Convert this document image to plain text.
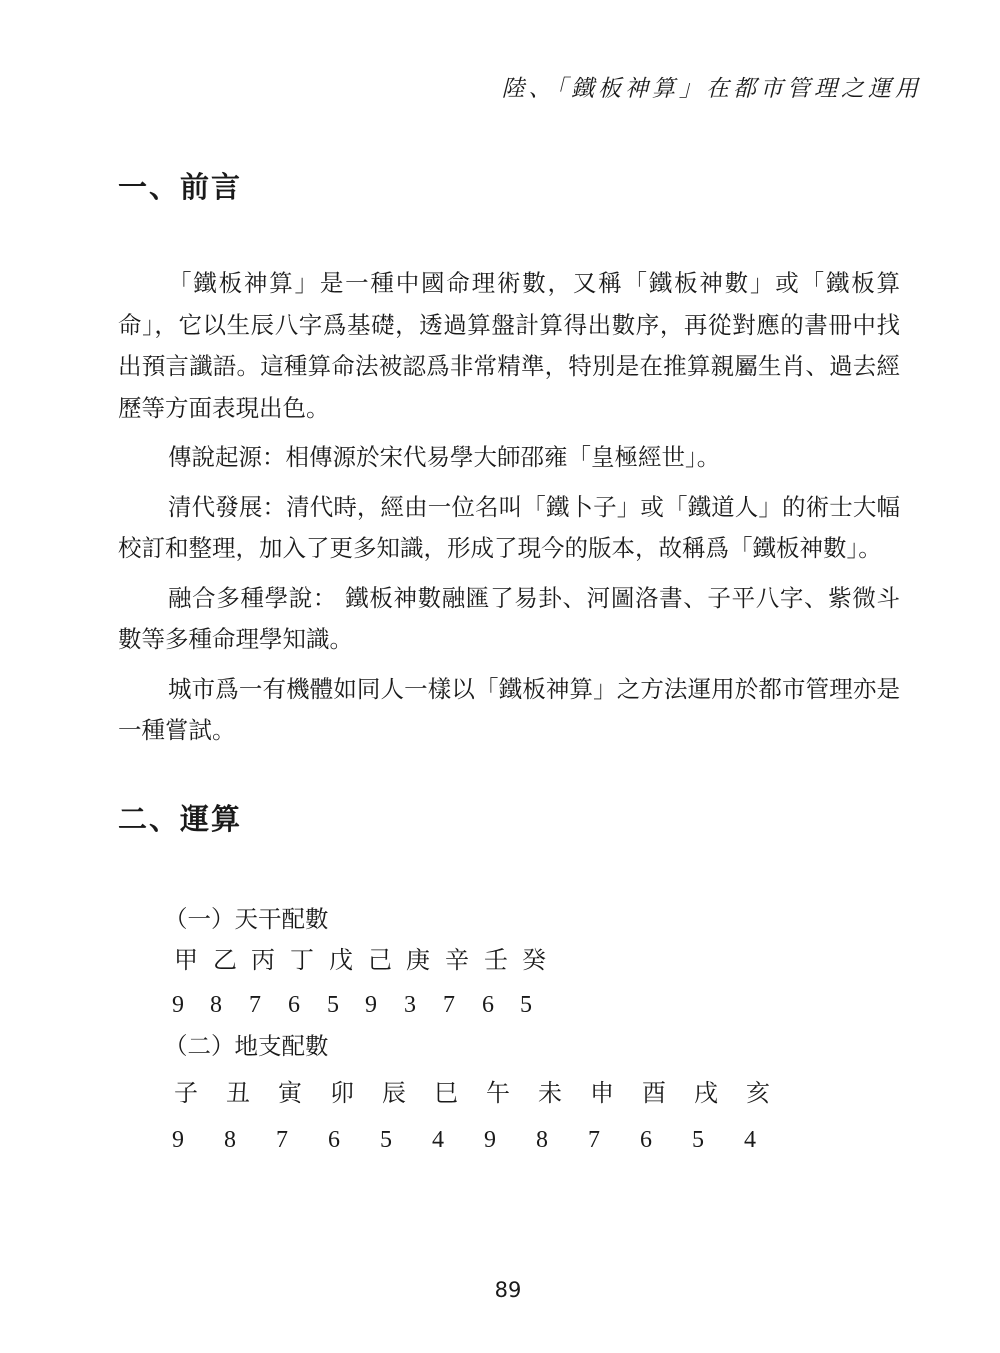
陸、「鐵板神算」在都市管理之運用
一、前言

「鐵板神算」是一種中國命理術數，又稱「鐵板神數」或「鐵板算命」，它以生辰八字爲基礎，透過算盤計算得出數序，再從對應的書冊中找出預言讖語。這種算命法被認爲非常精準，特別是在推算親屬生肖、過去經歷等方面表現出色。

傳說起源：相傳源於宋代易學大師邵雍「皇極經世」。

清代發展：清代時，經由一位名叫「鐵卜子」或「鐵道人」的術士大幅校訂和整理，加入了更多知識，形成了現今的版本，故稱爲「鐵板神數」。

融合多種學說： 鐵板神數融匯了易卦、河圖洛書、子平八字、紫微斗數等多種命理學知識。

城市爲一有機體如同人一樣以「鐵板神算」之方法運用於都市管理亦是一種嘗試。

二、運算
（一）天干配數
甲 乙 丙 丁 戊 己 庚 辛 壬 癸
9 8 7 6 5 9 3 7 6 5
（二）地支配數
子 丑 寅 卯 辰 巳 午 未 申 酉 戌 亥
9 8 7 6 5 4 9 8 7 6 5 4
89
